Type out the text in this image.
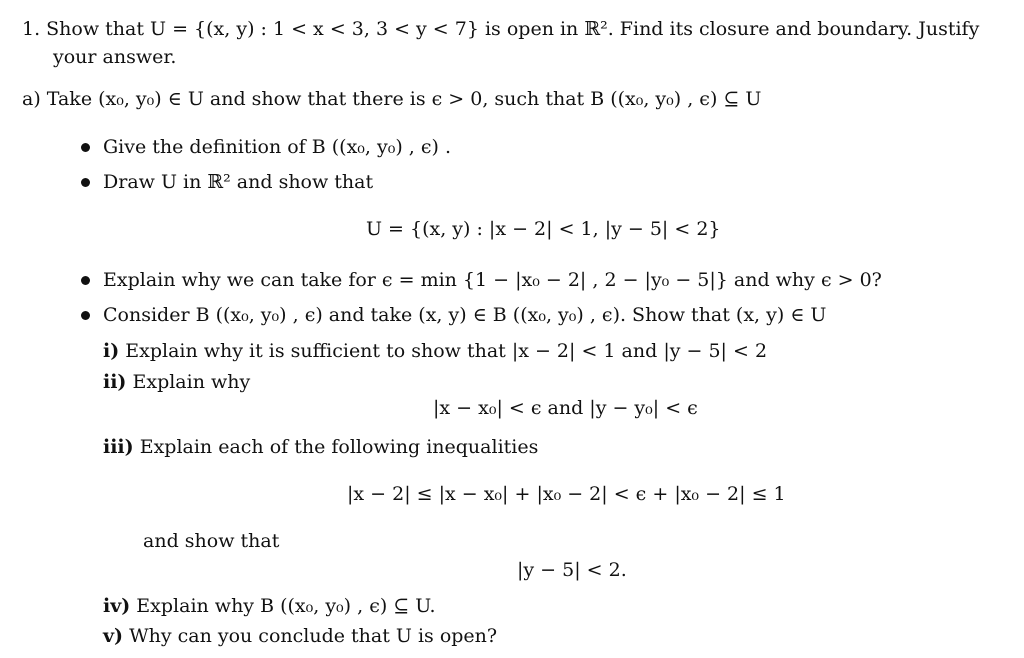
1. Show that U = {(x, y) : 1 < x < 3, 3 < y < 7} is open in ℝ². Find its closure and boundary. Justify
your answer.
a) Take (x₀, y₀) ∈ U and show that there is ϵ > 0, such that B ((x₀, y₀) , ϵ) ⊆ U
Give the definition of B ((x₀, y₀) , ϵ) .
Draw U in ℝ² and show that
U = {(x, y) : |x − 2| < 1, |y − 5| < 2}
Explain why we can take for ϵ = min {1 − |x₀ − 2| , 2 − |y₀ − 5|} and why ϵ > 0?
Consider B ((x₀, y₀) , ϵ) and take (x, y) ∈ B ((x₀, y₀) , ϵ). Show that (x, y) ∈ U
i) Explain why it is sufficient to show that |x − 2| < 1 and |y − 5| < 2
ii) Explain why
|x − x₀| < ϵ and |y − y₀| < ϵ
iii) Explain each of the following inequalities
|x − 2| ≤ |x − x₀| + |x₀ − 2| < ϵ + |x₀ − 2| ≤ 1
and show that
|y − 5| < 2.
iv) Explain why B ((x₀, y₀) , ϵ) ⊆ U.
v) Why can you conclude that U is open?
